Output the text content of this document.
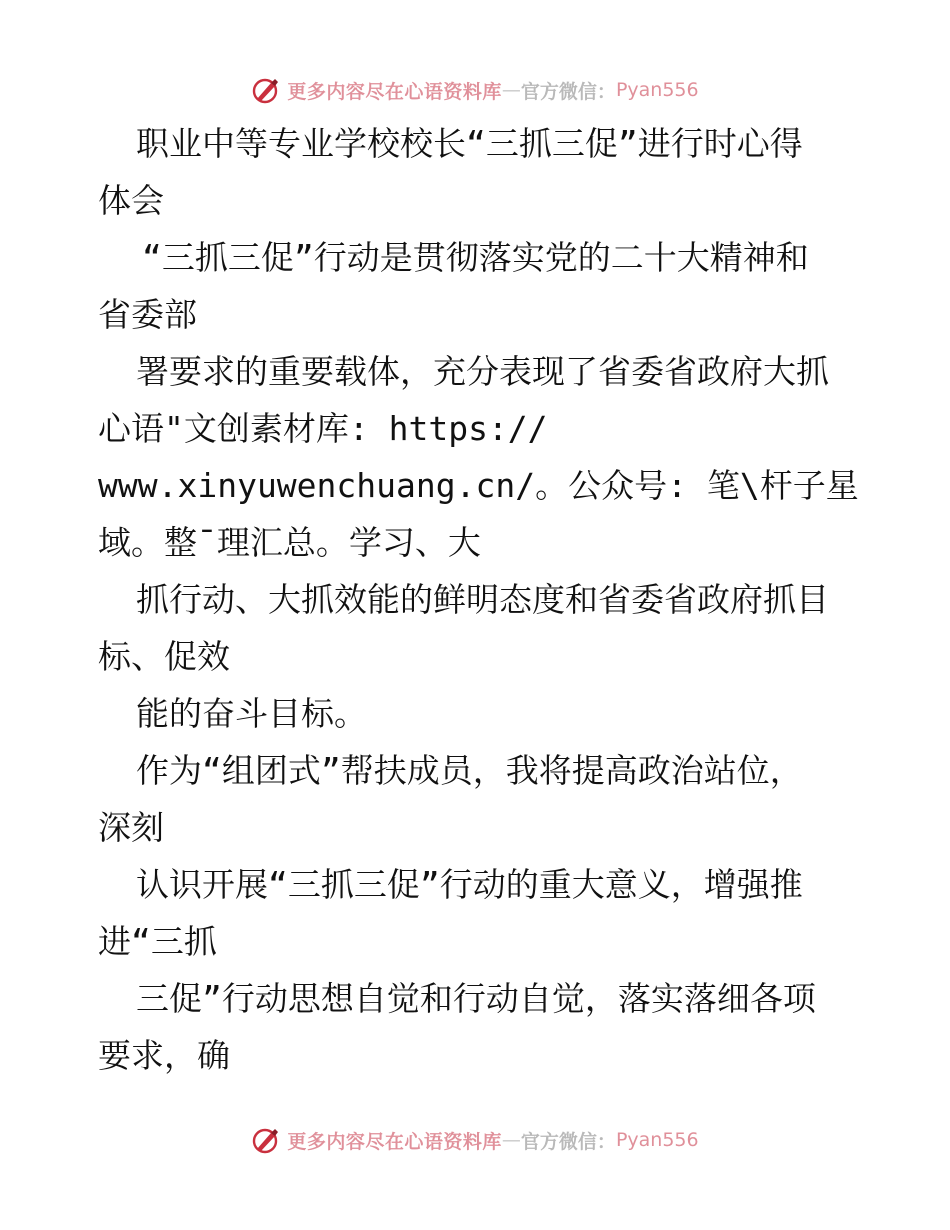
更多内容尽在心语资料库 — 官方微信： Pyan556
职业中等专业学校校长“三抓三促”进行时心得
体会
“三抓三促”行动是贯彻落实党的二十大精神和
省委部
署要求的重要载体，充分表现了省委省政府大抓
心语"文创素材库: https://
www.xinyuwenchuang.cn/。公众号: 笔\杆子星
域。整¯理汇总。学习、大
抓行动、大抓效能的鲜明态度和省委省政府抓目
标、促效
能的奋斗目标。
作为“组团式”帮扶成员，我将提高政治站位，
深刻
认识开展“三抓三促”行动的重大意义，增强推
进“三抓
三促”行动思想自觉和行动自觉，落实落细各项
要求，确
更多内容尽在心语资料库 — 官方微信： Pyan556
